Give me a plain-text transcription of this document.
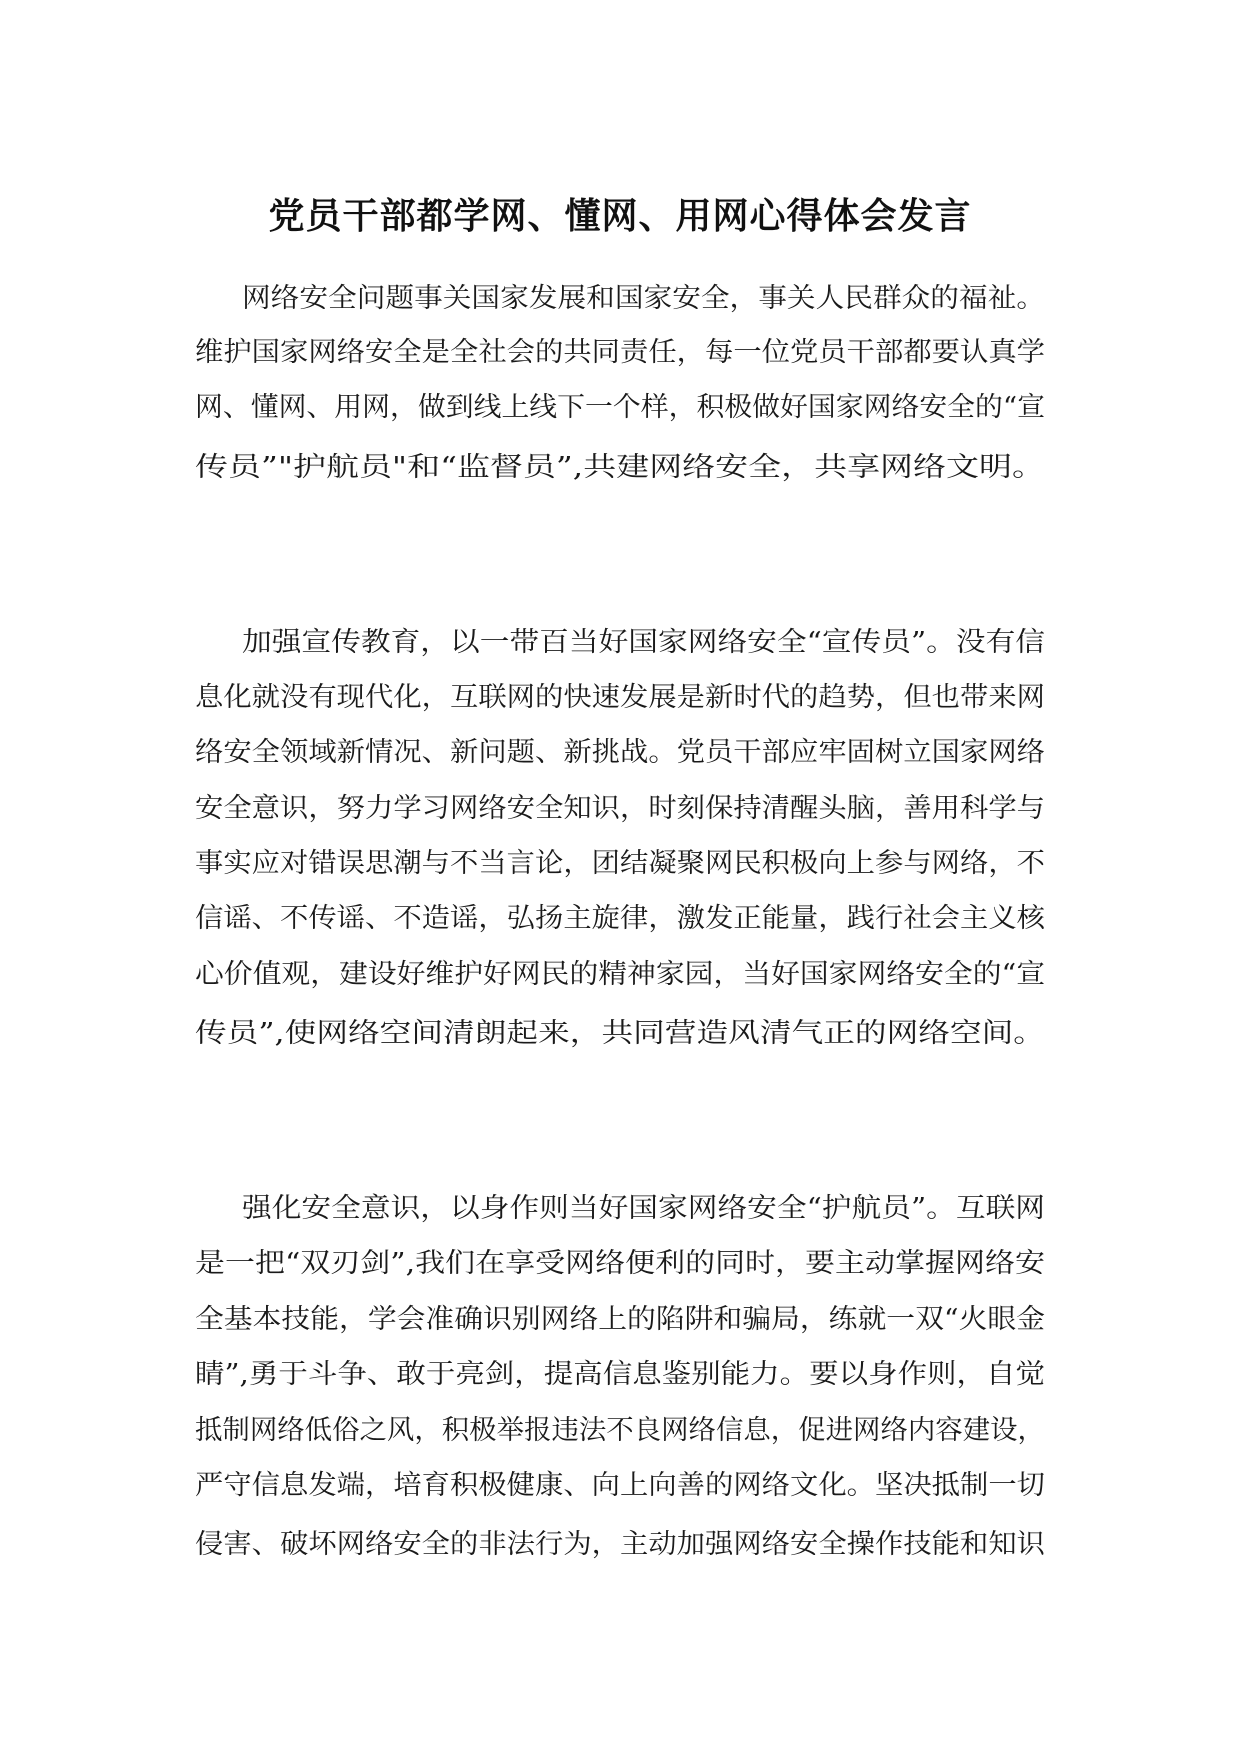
党员干部都学网、懂网、用网心得体会发言
网络安全问题事关国家发展和国家安全，事关人民群众的福祉。
维护国家网络安全是全社会的共同责任，每一位党员干部都要认真学
网、懂网、用网，做到线上线下一个样，积极做好国家网络安全的“宣
传员”"护航员"和“监督员”,共建网络安全，共享网络文明。
加强宣传教育，以一带百当好国家网络安全“宣传员”。没有信
息化就没有现代化，互联网的快速发展是新时代的趋势，但也带来网
络安全领域新情况、新问题、新挑战。党员干部应牢固树立国家网络
安全意识，努力学习网络安全知识，时刻保持清醒头脑，善用科学与
事实应对错误思潮与不当言论，团结凝聚网民积极向上参与网络，不
信谣、不传谣、不造谣，弘扬主旋律，激发正能量，践行社会主义核
心价值观，建设好维护好网民的精神家园，当好国家网络安全的“宣
传员”,使网络空间清朗起来，共同营造风清气正的网络空间。
强化安全意识，以身作则当好国家网络安全“护航员”。互联网
是一把“双刃剑”,我们在享受网络便利的同时，要主动掌握网络安
全基本技能，学会准确识别网络上的陷阱和骗局，练就一双“火眼金
睛”,勇于斗争、敢于亮剑，提高信息鉴别能力。要以身作则，自觉
抵制网络低俗之风，积极举报违法不良网络信息，促进网络内容建设，
严守信息发端，培育积极健康、向上向善的网络文化。坚决抵制一切
侵害、破坏网络安全的非法行为，主动加强网络安全操作技能和知识
